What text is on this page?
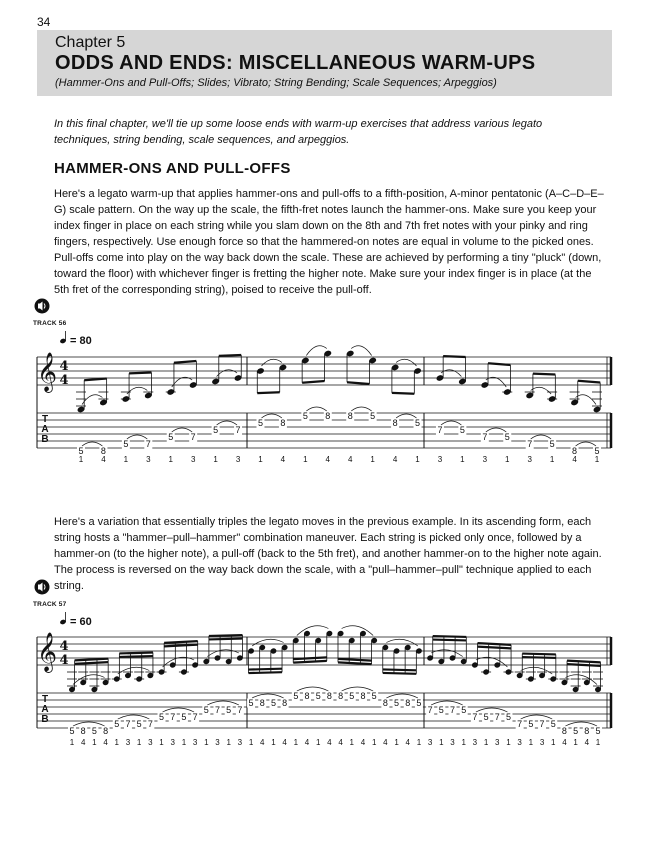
34
Chapter 5
ODDS AND ENDS: MISCELLANEOUS WARM-UPS
(Hammer-Ons and Pull-Offs; Slides; Vibrato; String Bending; Scale Sequences; Arpeggios)
In this final chapter, we'll tie up some loose ends with warm-up exercises that address various legato techniques, string bending, scale sequences, and arpeggios.
HAMMER-ONS AND PULL-OFFS

Here's a legato warm-up that applies hammer-ons and pull-offs to a fifth-position, A-minor pentatonic (A–C–D–E–G) scale pattern. On the way up the scale, the fifth-fret notes launch the hammer-ons. Make sure you keep your index finger in place on each string while you slam down on the 8th and 7th fret notes with your pinky and ring fingers, respectively. Use enough force so that the hammered-on notes are equal in volume to the picked ones. Pull-offs come into play on the way back down the scale. These are achieved by performing a tiny "pluck" (down, toward the floor) with whichever finger is fretting the higher note. Make sure your index finger is in place (at the 5th fret of the corresponding string), poised to receive the pull-off.

TRACK 56

Here's a variation that essentially triples the legato moves in the previous example. In its ascending form, each string hosts a "hammer–pull–hammer" combination maneuver. Each string is picked only once, followed by a hammer-on (to the higher note), a pull-off (back to the 5th fret), and another hammer-on to the higher note again. The process is reversed on the way back down the scale, with a "pull–hammer–pull" technique applied to each string.

TRACK 57
𝄞 4
4
T
A
B
= 80
5
1
8
4
5
1
7
3
5
1
7
3
5
1
7
3
5
1
8
4
5
1
8
4
8
4
5
1
8
4
5
1
7
3
5
1
7
3
5
1
7
3
5
1
8
4
5
1
𝄞 4
4
T
A
B
= 60
5
1
8
4
5
1
8
4
5
1
7
3
5
1
7
3
5
1
7
3
5
1
7
3
5
1
7
3
5
1
7
3
5
1
8
4
5
1
8
4
5
1
8
4
5
1
8
4
8
4
5
1
8
4
5
1
8
4
5
1
8
4
5
1
7
3
5
1
7
3
5
1
7
3
5
1
7
3
5
1
7
3
5
1
7
3
5
1
8
4
5
1
8
4
5
1
